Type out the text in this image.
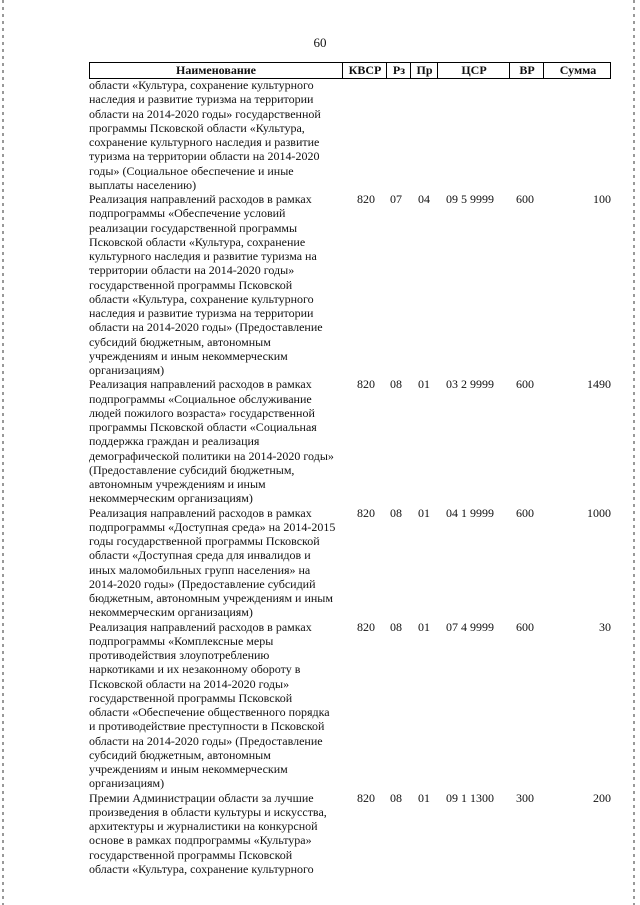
60
Наименование	КВСР Рз Пр	ЦСР	ВР	Сумма
области «Культура, сохранение культурного
наследия и развитие туризма на территории
области на 2014-2020 годы» государственной
программы Псковской области «Культура,
сохранение культурного наследия и развитие
туризма на территории области на 2014-2020
годы» (Социальное обеспечение и иные
выплаты населению)
Реализация направлений расходов в рамках
подпрограммы «Обеспечение условий
реализации государственной программы
Псковской области «Культура, сохранение
культурного наследия и развитие туризма на
территории области на 2014-2020 годы»
государственной программы Псковской
области «Культура, сохранение культурного
наследия и развитие туризма на территории
области на 2014-2020 годы» (Предоставление
субсидий бюджетным, автономным
учреждениям и иным некоммерческим
организациям)
820	07	04	09 5 9999	600	100
Реализация направлений расходов в рамках
подпрограммы «Социальное обслуживание
людей пожилого возраста» государственной
программы Псковской области «Социальная
поддержка граждан и реализация
демографической политики на 2014-2020 годы»
(Предоставление субсидий бюджетным,
автономным учреждениям и иным
некоммерческим организациям)
820	08	01	03 2 9999	600	1490
Реализация направлений расходов в рамках
подпрограммы «Доступная среда» на 2014-2015
годы государственной программы Псковской
области «Доступная среда для инвалидов и
иных маломобильных групп населения» на
2014-2020 годы» (Предоставление субсидий
бюджетным, автономным учреждениям и иным
некоммерческим организациям)
820	08	01	04 1 9999	600	1000
Реализация направлений расходов в рамках
подпрограммы «Комплексные меры
противодействия злоупотреблению
наркотиками и их незаконному обороту в
Псковской области на 2014-2020 годы»
государственной программы Псковской
области «Обеспечение общественного порядка
и противодействие преступности в Псковской
области на 2014-2020 годы» (Предоставление
субсидий бюджетным, автономным
учреждениям и иным некоммерческим
организациям)
820	08	01	07 4 9999	600	30
Премии Администрации области за лучшие
произведения в области культуры и искусства,
архитектуры и журналистики на конкурсной
основе в рамках подпрограммы «Культура»
государственной программы Псковской
области «Культура, сохранение культурного
820	08	01	09 1 1300	300	200
